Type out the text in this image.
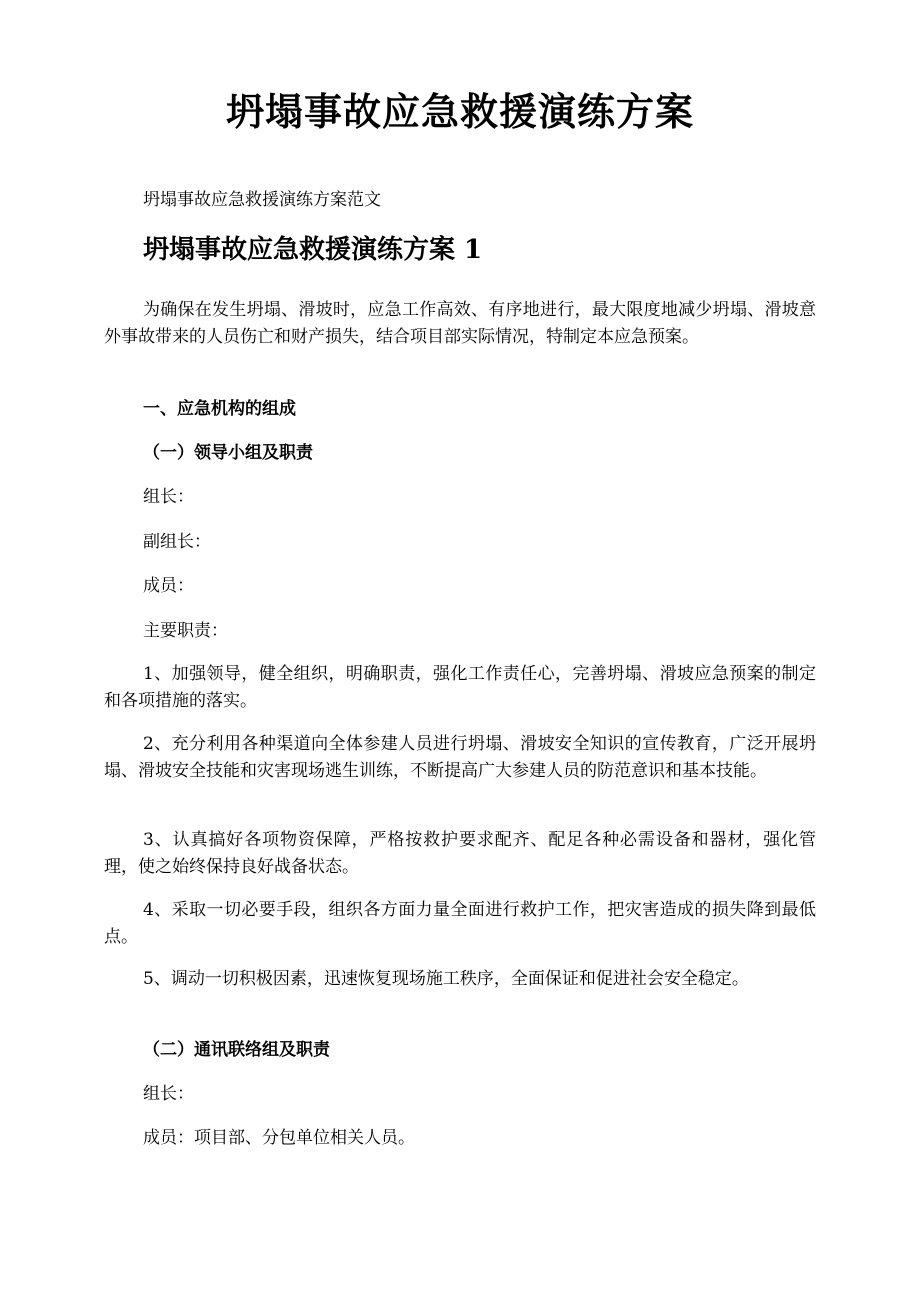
坍塌事故应急救援演练方案

坍塌事故应急救援演练方案范文

坍塌事故应急救援演练方案 1

为确保在发生坍塌、滑坡时，应急工作高效、有序地进行，最大限度地减少坍塌、滑坡意外事故带来的人员伤亡和财产损失，结合项目部实际情况，特制定本应急预案。

一、应急机构的组成

（一）领导小组及职责

组长：

副组长：

成员：

主要职责：

1、加强领导，健全组织，明确职责，强化工作责任心，完善坍塌、滑坡应急预案的制定和各项措施的落实。

2、充分利用各种渠道向全体参建人员进行坍塌、滑坡安全知识的宣传教育，广泛开展坍塌、滑坡安全技能和灾害现场逃生训练，不断提高广大参建人员的防范意识和基本技能。

3、认真搞好各项物资保障，严格按救护要求配齐、配足各种必需设备和器材，强化管理，使之始终保持良好战备状态。

4、采取一切必要手段，组织各方面力量全面进行救护工作，把灾害造成的损失降到最低点。

5、调动一切积极因素，迅速恢复现场施工秩序，全面保证和促进社会安全稳定。

（二）通讯联络组及职责

组长：

成员：项目部、分包单位相关人员。
